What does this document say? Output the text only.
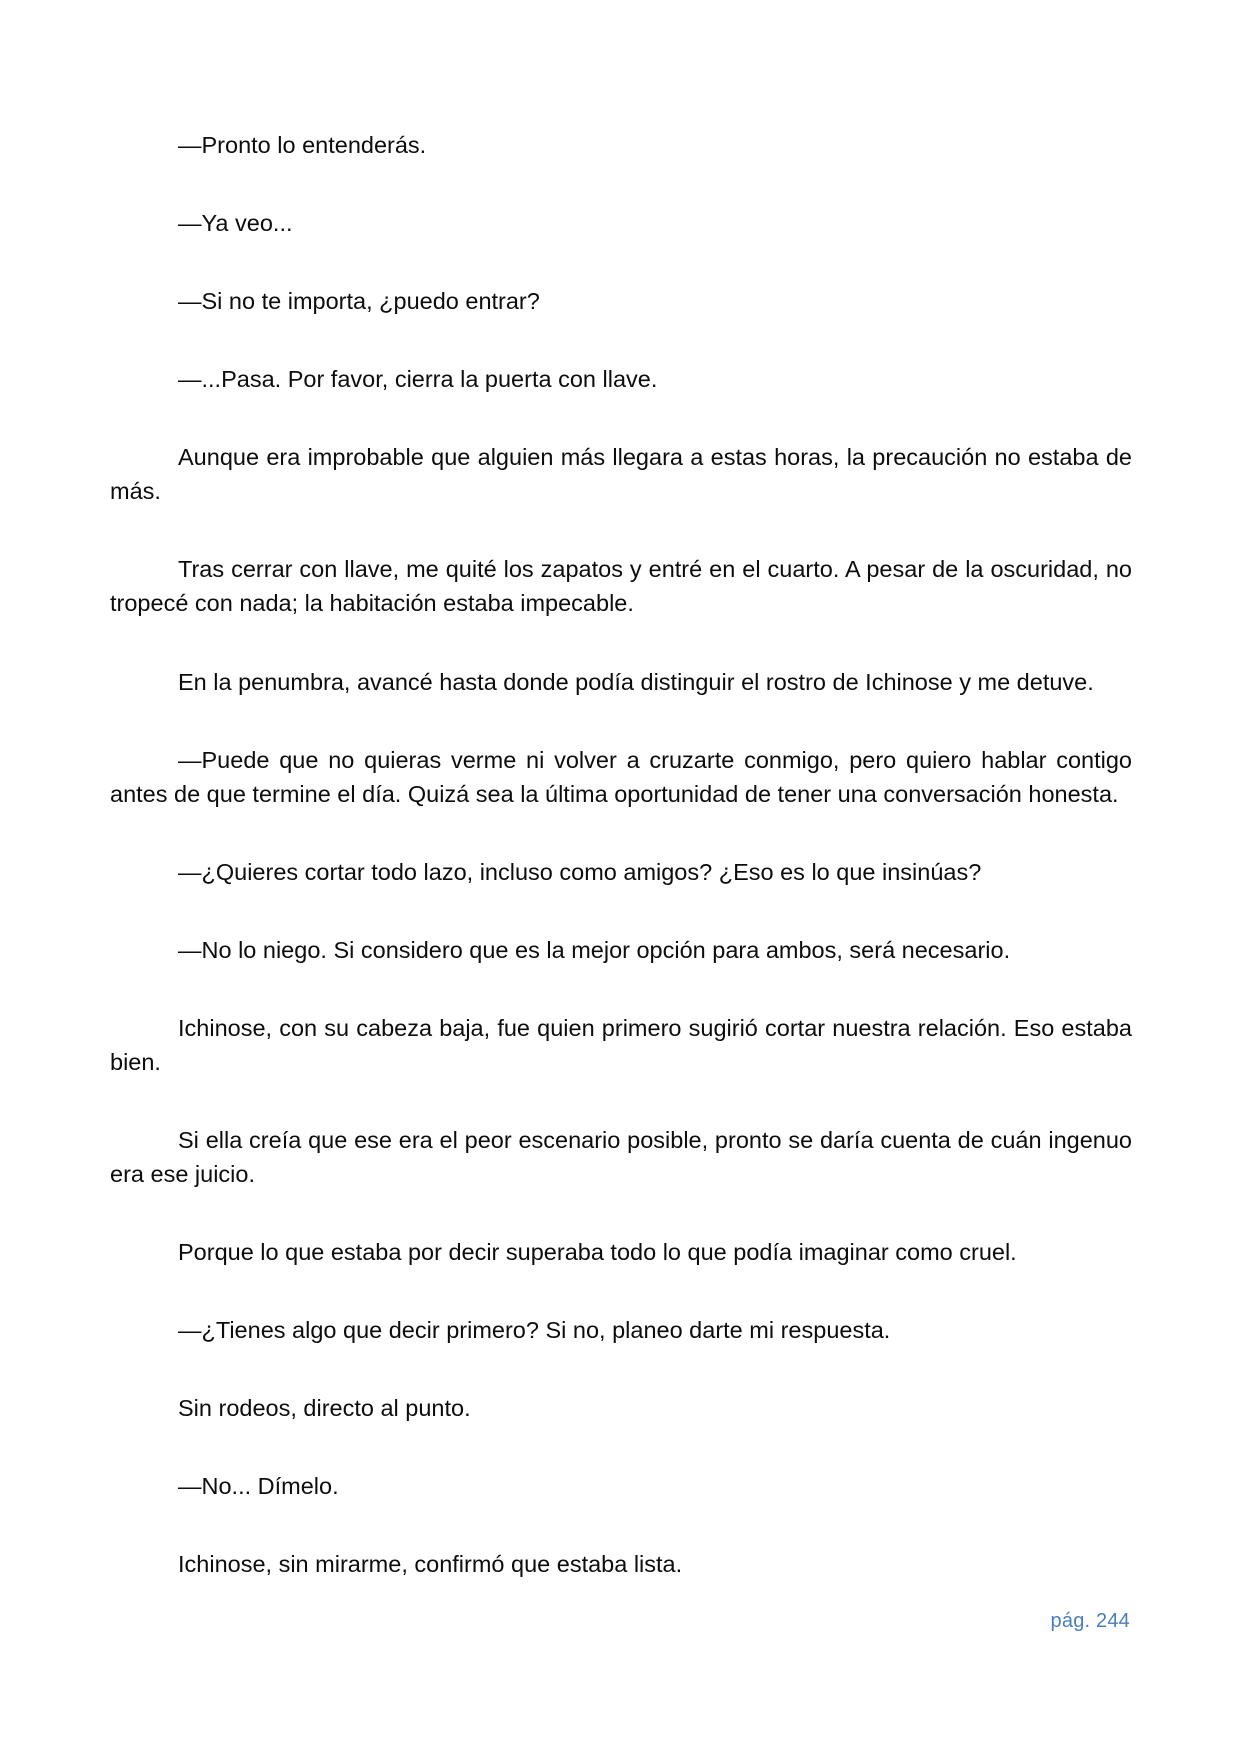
—Pronto lo entenderás.

—Ya veo...

—Si no te importa, ¿puedo entrar?

—...Pasa. Por favor, cierra la puerta con llave.

Aunque era improbable que alguien más llegara a estas horas, la precaución no estaba de más.

Tras cerrar con llave, me quité los zapatos y entré en el cuarto. A pesar de la oscuridad, no tropecé con nada; la habitación estaba impecable.

En la penumbra, avancé hasta donde podía distinguir el rostro de Ichinose y me detuve.

—Puede que no quieras verme ni volver a cruzarte conmigo, pero quiero hablar contigo antes de que termine el día. Quizá sea la última oportunidad de tener una conversación honesta.

—¿Quieres cortar todo lazo, incluso como amigos? ¿Eso es lo que insinúas?

—No lo niego. Si considero que es la mejor opción para ambos, será necesario.

Ichinose, con su cabeza baja, fue quien primero sugirió cortar nuestra relación. Eso estaba bien.

Si ella creía que ese era el peor escenario posible, pronto se daría cuenta de cuán ingenuo era ese juicio.

Porque lo que estaba por decir superaba todo lo que podía imaginar como cruel.

—¿Tienes algo que decir primero? Si no, planeo darte mi respuesta.

Sin rodeos, directo al punto.

—No... Dímelo.

Ichinose, sin mirarme, confirmó que estaba lista.

pág. 244
